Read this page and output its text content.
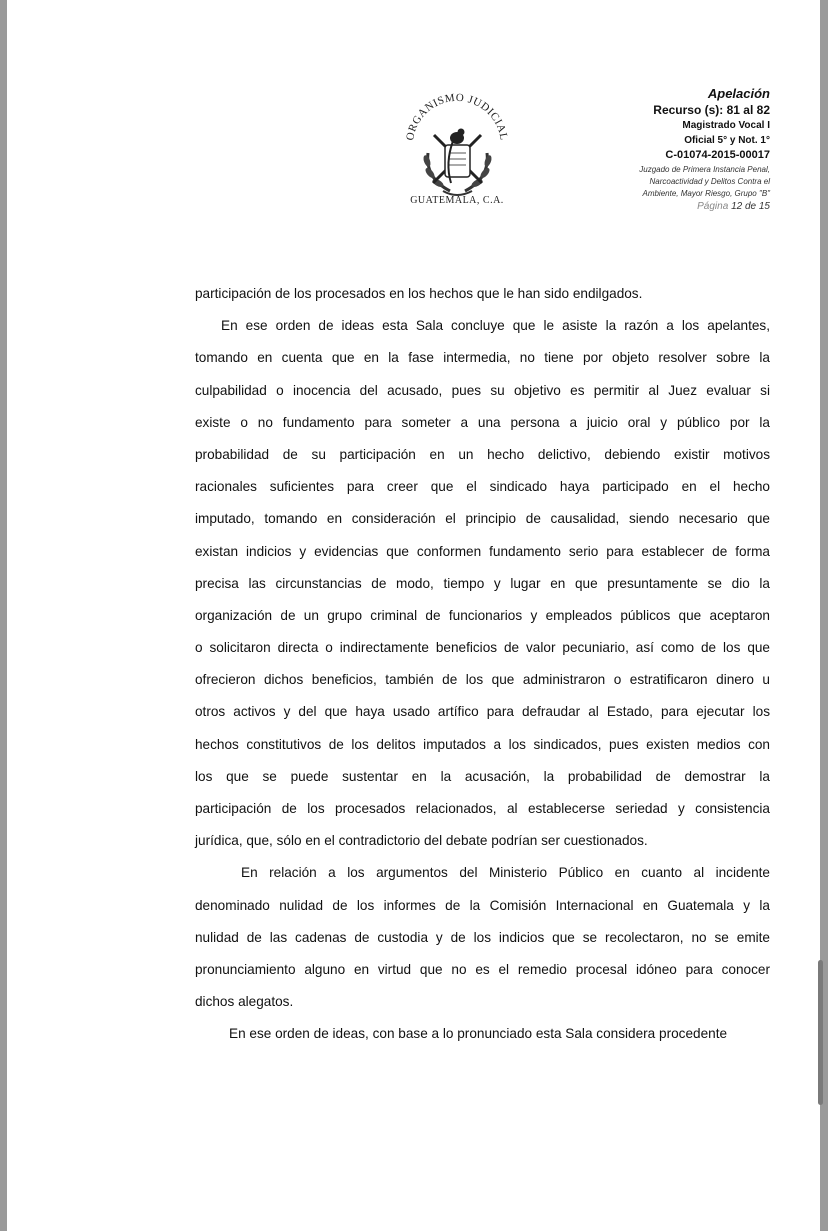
ORGANISMO JUDICIAL
GUATEMALA, C.A.
Apelación
Recurso (s): 81 al 82
Magistrado Vocal I
Oficial 5° y Not. 1°
C-01074-2015-00017
Juzgado de Primera Instancia Penal,
Narcoactividad y Delitos Contra el
Ambiente, Mayor Riesgo, Grupo "B"
Página 12 de 15
participación de los procesados en los hechos que le han sido endilgados.
En ese orden de ideas esta Sala concluye que le asiste la razón a los apelantes,
tomando en cuenta que en la fase intermedia, no tiene por objeto resolver sobre la
culpabilidad o inocencia del acusado, pues su objetivo es permitir al Juez evaluar si
existe o no fundamento para someter a una persona a juicio oral y público por la
probabilidad de su participación en un hecho delictivo, debiendo existir motivos
racionales suficientes para creer que el sindicado haya participado en el hecho
imputado, tomando en consideración el principio de causalidad, siendo necesario que
existan indicios y evidencias que conformen fundamento serio para establecer de forma
precisa las circunstancias de modo, tiempo y lugar en que presuntamente se dio la
organización de un grupo criminal de funcionarios y empleados públicos que aceptaron
o solicitaron directa o indirectamente beneficios de valor pecuniario, así como de los que
ofrecieron dichos beneficios, también de los que administraron o estratificaron dinero u
otros activos y del que haya usado artífico para defraudar al Estado, para ejecutar los
hechos constitutivos de los delitos imputados a los sindicados, pues existen medios con
los que se puede sustentar en la acusación, la probabilidad de demostrar la
participación de los procesados relacionados, al establecerse seriedad y consistencia
jurídica, que, sólo en el contradictorio del debate podrían ser cuestionados.
En relación a los argumentos del Ministerio Público en cuanto al incidente
denominado nulidad de los informes de la Comisión Internacional en Guatemala y la
nulidad de las cadenas de custodia y de los indicios que se recolectaron, no se emite
pronunciamiento alguno en virtud que no es el remedio procesal idóneo para conocer
dichos alegatos.
En ese orden de ideas, con base a lo pronunciado esta Sala considera procedente
